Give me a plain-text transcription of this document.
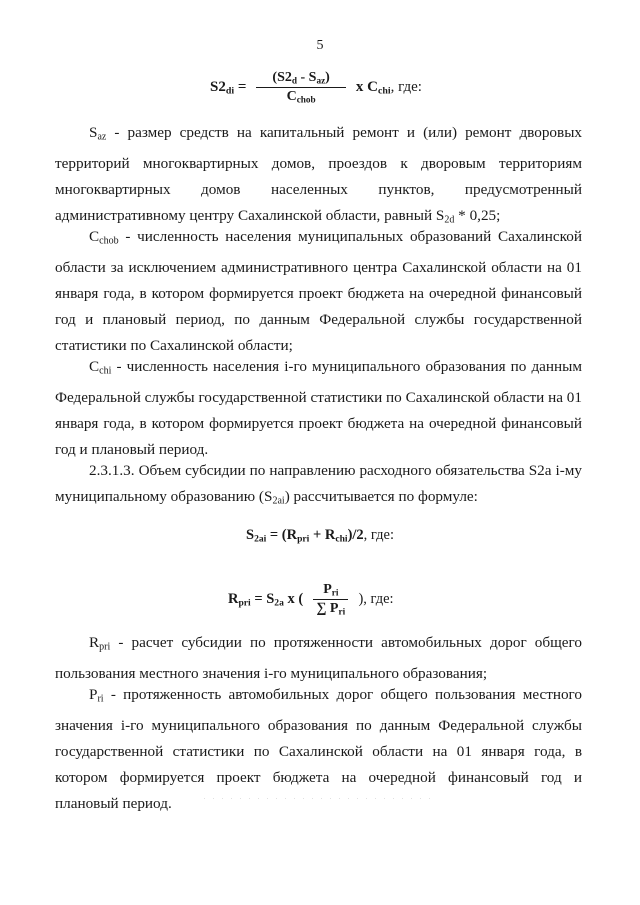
5
$S2_{di} = \frac{(S2_d - S_{az})}{C_{chob}}$ x $C_{chi}$, где:
$S_{az}$ - размер средств на капитальный ремонт и (или) ремонт дворовых территорий многоквартирных домов, проездов к дворовым территориям многоквартирных домов населенных пунктов, предусмотренный административному центру Сахалинской области, равный $S_{2d} * 0,25$;
$C_{chob}$ - численность населения муниципальных образований Сахалинской области за исключением административного центра Сахалинской области на 01 января года, в котором формируется проект бюджета на очередной финансовый год и плановый период, по данным Федеральной службы государственной статистики по Сахалинской области;
$C_{chi}$ - численность населения i-го муниципального образования по данным Федеральной службы государственной статистики по Сахалинской области на 01 января года, в котором формируется проект бюджета на очередной финансовый год и плановый период.
2.3.1.3. Объем субсидии по направлению расходного обязательства S2a i-му муниципальному образованию $(S_{2ai})$ рассчитывается по формуле:
$S_{2ai} = (R_{pri} + R_{chi})/2$, где:
$R_{pri} = S_{2a}$ x ( $\frac{P_{ri}}{\sum P_{ri}}$ ), где:
$R_{pri}$ - расчет субсидии по протяженности автомобильных дорог общего пользования местного значения i-го муниципального образования;
$P_{ri}$ - протяженность автомобильных дорог общего пользования местного значения i-го муниципального образования по данным Федеральной службы государственной статистики по Сахалинской области на 01 января года, в котором формируется проект бюджета на очередной финансовый год и плановый период.
